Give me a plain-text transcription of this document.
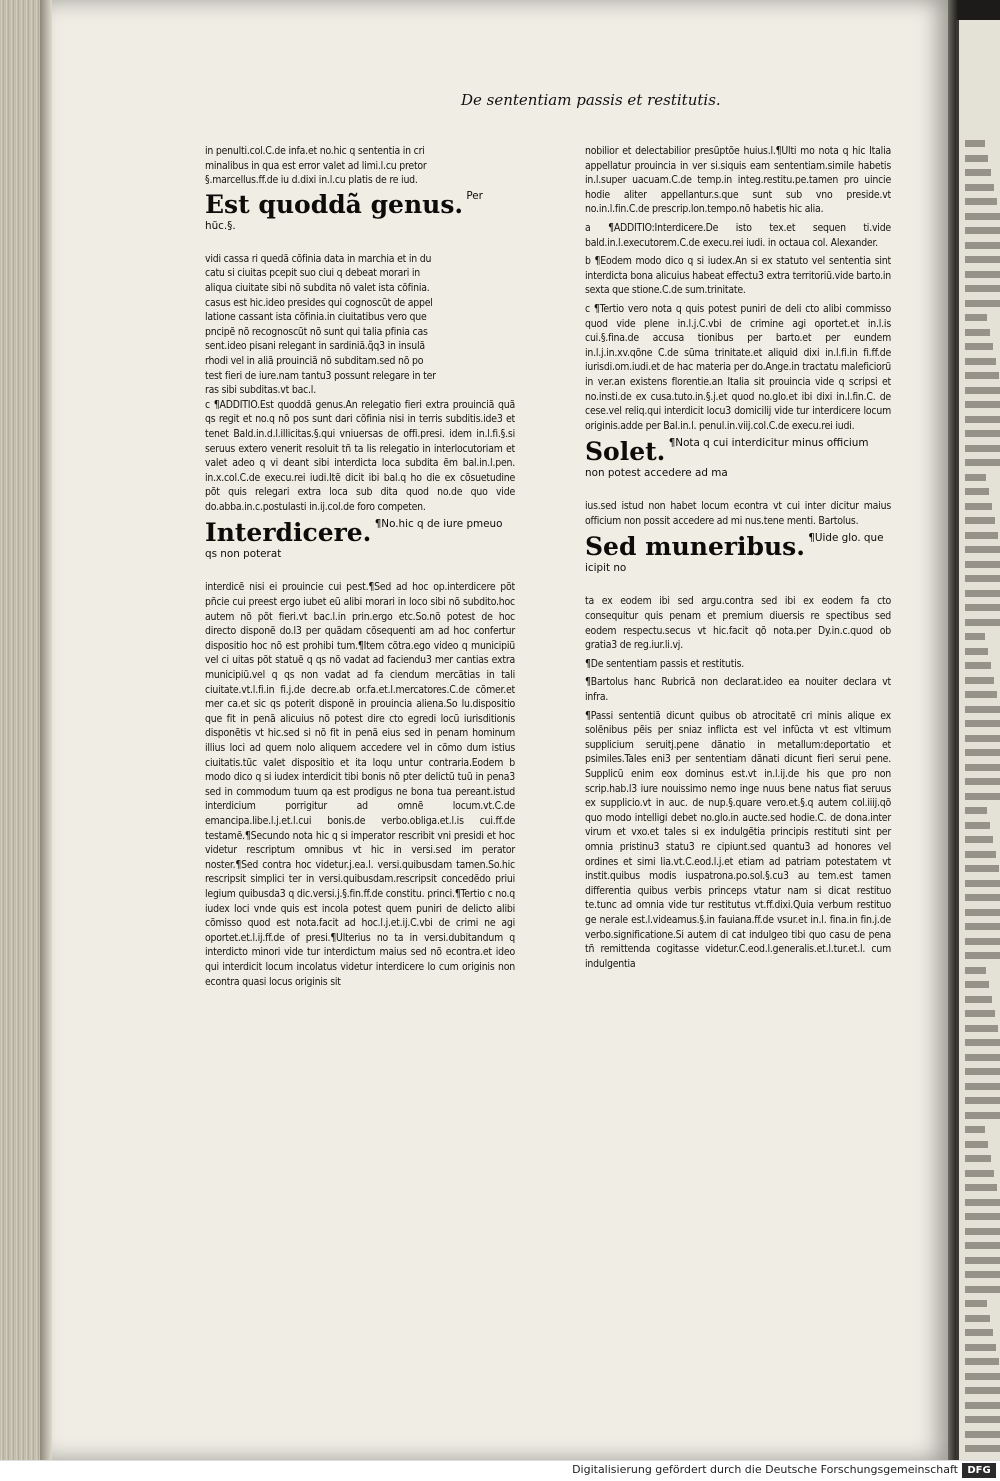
De sententiam passis et restitutis.
in penulti.col.C.de infa.et no.hic q sententia in cri
minalibus in qua est error valet ad limi.l.cu pretor
§.marcellus.ff.de iu d.dixi in.l.cu platis de re iud.
Est quoddã genus. $^{Per hũc.\S.}$
vidi cassa ri quedã cõfinia data in marchia et in du
catu si ciuitas pcepit suo ciui q debeat morari in
aliqua ciuitate sibi nõ subdita nõ valet ista cõfinia.
casus est hic.ideo presides qui cognoscũt de appel
latione cassant ista cõfinia.in ciuitatibus vero que
pncipẽ nõ recognoscũt nõ sunt qui talia pfinia cas
sent.ideo pisani relegant in sardiniã.q̃q3 in insulã
rhodi vel in aliã prouinciã nõ subditam.sed nõ po
test fieri de iure.nam tantu3 possunt relegare in ter
ras sibi subditas.vt bac.l.
c ¶ADDITIO.Est quoddã genus.An relegatio fieri extra prouinciã quã qs regit et no.q nõ pos sunt dari cõfinia nisi in terris subditis.ide3 et tenet Bald.in.d.l.illicitas.§.qui vniuersas de offi.presi. idem in.l.fi.§.si seruus extero venerit resoluit tñ ta lis relegatio in interlocutoriam et valet adeo q vi deant sibi interdicta loca subdita ẽm bal.in.l.pen. in.x.col.C.de execu.rei iudi.Itẽ dicit ibi bal.q ho die ex cõsuetudine põt quis relegari extra loca sub dita quod no.de quo vide do.abba.in.c.postulasti in.ij.col.de foro competen.
Interdicere. $^{\P No.hic q de iure pmeuo qs non poterat}$
interdicẽ nisi ei prouincie cui pest.¶Sed ad hoc op.interdicere põt pñcie cui preest ergo iubet eũ alibi morari in loco sibi nõ subdito.hoc autem nõ põt fieri.vt bac.l.in prin.ergo etc.So.nõ potest de hoc directo disponẽ do.l3 per quãdam cõsequenti am ad hoc confertur dispositio hoc nõ est prohibi tum.¶Item cõtra.ego video q municipiũ vel ci uitas põt statuẽ q qs nõ vadat ad faciendu3 mer cantias extra municipiũ.vel q qs non vadat ad fa ciendum mercãtias in tali ciuitate.vt.l.fi.in fi.j.de decre.ab or.fa.et.l.mercatores.C.de cõmer.et mer ca.et sic qs poterit disponẽ in prouincia aliena.So lu.dispositio que fit in penã alicuius nõ potest dire cto egredi locũ iurisditionis disponẽtis vt hic.sed si nõ fit in penã eius sed in penam hominum illius loci ad quem nolo aliquem accedere vel in cõmo dum istius ciuitatis.tũc valet dispositio et ita loqu untur contraria.Eodem b modo dico q si iudex interdicit tibi bonis nõ pter delictũ tuũ in pena3 sed in commodum tuum qa est prodigus ne bona tua pereant.istud interdicium porrigitur ad omnẽ locum.vt.C.de emancipa.libe.l.j.et.l.cui bonis.de verbo.obliga.et.l.is cui.ff.de testamẽ.¶Secundo nota hic q si imperator rescribit vni presidi et hoc videtur rescriptum omnibus vt hic in versi.sed im perator noster.¶Sed contra hoc videtur.j.ea.l. versi.quibusdam tamen.So.hic rescripsit simplici ter in versi.quibusdam.rescripsit concedẽdo priui legium quibusda3 q dic.versi.j.§.fin.ff.de constitu. princi.¶Tertio c no.q iudex loci vnde quis est incola potest quem puniri de delicto alibi cõmisso quod est nota.facit ad hoc.l.j.et.ij.C.vbi de crimi ne agi oportet.et.l.ij.ff.de of presi.¶Ulterius no ta in versi.dubitandum q interdicto minori vide tur interdictum maius sed nõ econtra.et ideo qui interdicit locum incolatus videtur interdicere lo cum originis non econtra quasi locus originis sit
nobilior et delectabilior presũptõe huius.l.¶Ulti mo nota q hic Italia appellatur prouincia in ver si.siquis eam sententiam.simile habetis in.l.super uacuam.C.de temp.in integ.restitu.pe.tamen pro uincie hodie aliter appellantur.s.que sunt sub vno preside.vt no.in.l.fin.C.de prescrip.lon.tempo.nõ habetis hic alia.
a ¶ADDITIO:Interdicere.De isto tex.et sequen ti.vide bald.in.l.executorem.C.de execu.rei iudi. in octaua col. Alexander.
b ¶Eodem modo dico q si iudex.An si ex statuto vel sententia sint interdicta bona alicuius habeat effectu3 extra territoriũ.vide barto.in sexta que stione.C.de sum.trinitate.
c ¶Tertio vero nota q quis potest puniri de deli cto alibi commisso quod vide plene in.l.j.C.vbi de crimine agi oportet.et in.l.is cui.§.fina.de accusa tionibus per barto.et per eundem in.l.j.in.xv.qõne C.de sũma trinitate.et aliquid dixi in.l.fi.in fi.ff.de iurisdi.om.iudi.et de hac materia per do.Ange.in tractatu maleficiorũ in ver.an existens florentie.an Italia sit prouincia vide q scripsi et no.insti.de ex cusa.tuto.in.§.j.et quod no.glo.et ibi dixi in.l.fin.C. de cese.vel reliq.qui interdicit locu3 domicilij vide tur interdicere locum originis.adde per Bal.in.l. penul.in.viij.col.C.de execu.rei iudi.
Solet. $^{\P Nota q cui interdicitur minus officium non potest accedere ad ma}$
ius.sed istud non habet locum econtra vt cui inter dicitur maius officium non possit accedere ad mi nus.tene menti. Bartolus.
Sed muneribus. $^{\P Uide glo. que icipit no}$
ta ex eodem ibi sed argu.contra sed ibi ex eodem fa cto consequitur quis penam et premium diuersis re spectibus sed eodem respectu.secus vt hic.facit qõ nota.per Dy.in.c.quod ob gratia3 de reg.iur.li.vj.
¶De sententiam passis et restitutis.
¶Bartolus hanc Rubricã non declarat.ideo ea nouiter declara vt infra.
¶Passi sententiã dicunt quibus ob atrocitatẽ cri minis alique ex solẽnibus pẽis per sniaz inflicta est vel infũcta vt est vltimum supplicium seruitj.pene dãnatio in metallum:deportatio et psimiles.Tales eni3 per sententiam dãnati dicunt fieri serui pene. Supplicũ enim eox dominus est.vt in.l.ij.de his que pro non scrip.hab.l3 iure nouissimo nemo inge nuus bene natus fiat seruus ex supplicio.vt in auc. de nup.§.quare vero.et.§.q autem col.iiij.qõ quo modo intelligi debet no.glo.in aucte.sed hodie.C. de dona.inter virum et vxo.et tales si ex indulgẽtia principis restituti sint per omnia pristinu3 statu3 re cipiunt.sed quantu3 ad honores vel ordines et simi lia.vt.C.eod.l.j.et etiam ad patriam potestatem vt instit.quibus modis iuspatrona.po.sol.§.cu3 au tem.est tamen differentia quibus verbis princeps vtatur nam si dicat restituo te.tunc ad omnia vide tur restitutus vt.ff.dixi.Quia verbum restituo ge nerale est.l.videamus.§.in fauiana.ff.de vsur.et in.l. fina.in fin.j.de verbo.significatione.Si autem di cat indulgeo tibi quo casu de pena tñ remittenda cogitasse videtur.C.eod.l.generalis.et.l.tur.et.l. cum indulgentia
Digitalisierung gefördert durch die Deutsche Forschungsgemeinschaft DFG
